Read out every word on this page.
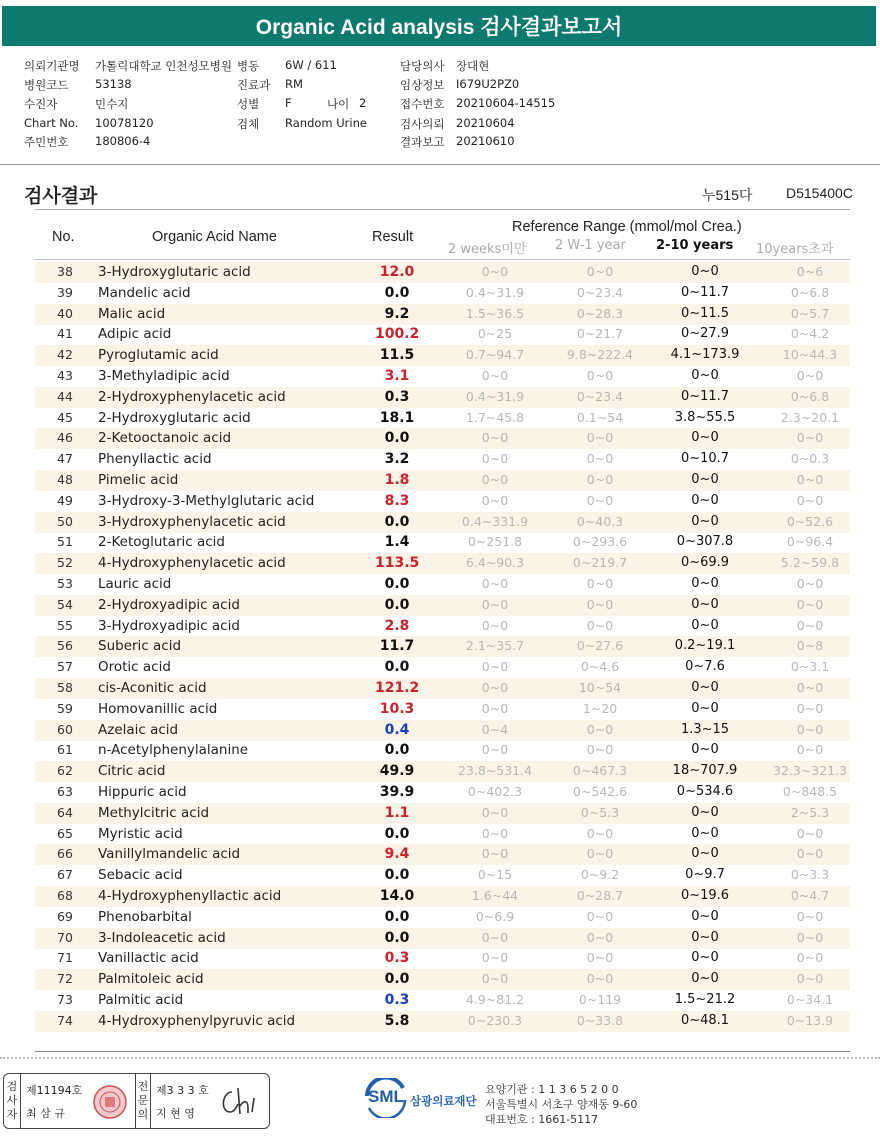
Organic Acid analysis 검사결과보고서
의뢰기관명 가톨릭대학교 인천성모병원
병원코드 53138
수진자	민수지
Chart No. 10078120
주민번호 180806-4
병동 6W / 611
진료과 RM
성별 F
검체 Random Urine
담당의사 장대현
임상정보 I679U2PZ0
접수번호 20210604-14515
검사의뢰 20210604
결과보고 20210610
나이 2
검사결과	누515다 D515400C
No.	Organic Acid Name	Result
Reference Range (mmol/mol Crea.)
2 weeks미만 2 W-1 year 2-10 years 10years초과
38	3-Hydroxyglutaric acid	12.0	0~0	0~0	0~0	0~6
39	Mandelic acid	0.0	0.4~31.9	0~23.4	0~11.7	0~6.8
40	Malic acid	9.2	1.5~36.5	0~28.3	0~11.5	0~5.7
41	Adipic acid	100.2	0~25	0~21.7	0~27.9	0~4.2
42	Pyroglutamic acid	11.5	0.7~94.7	9.8~222.4	4.1~173.9	10~44.3
43	3-Methyladipic acid	3.1	0~0	0~0	0~0	0~0
44	2-Hydroxyphenylacetic acid	0.3	0.4~31.9	0~23.4	0~11.7	0~6.8
45	2-Hydroxyglutaric acid	18.1	1.7~45.8	0.1~54	3.8~55.5	2.3~20.1
46	2-Ketooctanoic acid	0.0	0~0	0~0	0~0	0~0
47	Phenyllactic acid	3.2	0~0	0~0	0~10.7	0~0.3
48	Pimelic acid	1.8	0~0	0~0	0~0	0~0
49	3-Hydroxy-3-Methylglutaric acid	8.3	0~0	0~0	0~0	0~0
50	3-Hydroxyphenylacetic acid	0.0	0.4~331.9	0~40.3	0~0	0~52.6
51	2-Ketoglutaric acid	1.4	0~251.8	0~293.6	0~307.8	0~96.4
52	4-Hydroxyphenylacetic acid	113.5	6.4~90.3	0~219.7	0~69.9	5.2~59.8
53	Lauric acid	0.0	0~0	0~0	0~0	0~0
54	2-Hydroxyadipic acid	0.0	0~0	0~0	0~0	0~0
55	3-Hydroxyadipic acid	2.8	0~0	0~0	0~0	0~0
56	Suberic acid	11.7	2.1~35.7	0~27.6	0.2~19.1	0~8
57	Orotic acid	0.0	0~0	0~4.6	0~7.6	0~3.1
58	cis-Aconitic acid	121.2	0~0	10~54	0~0	0~0
59	Homovanillic acid	10.3	0~0	1~20	0~0	0~0
60	Azelaic acid	0.4	0~4	0~0	1.3~15	0~0
61	n-Acetylphenylalanine	0.0	0~0	0~0	0~0	0~0
62	Citric acid	49.9	23.8~531.4	0~467.3	18~707.9	32.3~321.3
63	Hippuric acid	39.9	0~402.3	0~542.6	0~534.6	0~848.5
64	Methylcitric acid	1.1	0~0	0~5.3	0~0	2~5.3
65	Myristic acid	0.0	0~0	0~0	0~0	0~0
66	Vanillylmandelic acid	9.4	0~0	0~0	0~0	0~0
67	Sebacic acid	0.0	0~15	0~9.2	0~9.7	0~3.3
68	4-Hydroxyphenyllactic acid	14.0	1.6~44	0~28.7	0~19.6	0~4.7
69	Phenobarbital	0.0	0~6.9	0~0	0~0	0~0
70	3-Indoleacetic acid	0.0	0~0	0~0	0~0	0~0
71	Vanillactic acid	0.3	0~0	0~0	0~0	0~0
72	Palmitoleic acid	0.0	0~0	0~0	0~0	0~0
73	Palmitic acid	0.3	4.9~81.2	0~119	1.5~21.2	0~34.1
74	4-Hydroxyphenylpyruvic acid	5.8	0~230.3	0~33.8	0~48.1	0~13.9
검
사
자
제11194호
최 삼 규
전
문
의
제3 3 3 호
지 현 영
SML 삼광의료재단
요양기관 : 1 1 3 6 5 2 0 0
서울특별시 서초구 양재동 9-60
대표번호 : 1661-5117
